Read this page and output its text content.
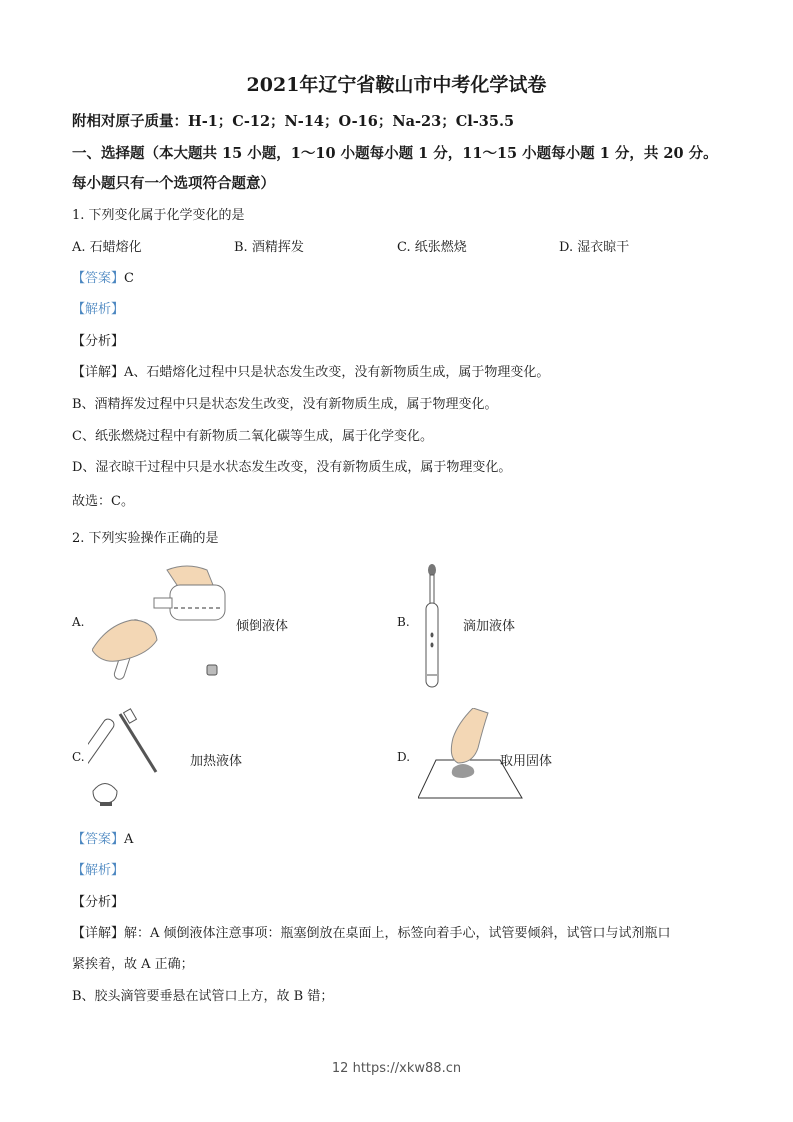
2021年辽宁省鞍山市中考化学试卷
附相对原子质量：H-1；C-12；N-14；O-16；Na-23；Cl-35.5
一、选择题（本大题共 15 小题，1～10 小题每小题 1 分，11～15 小题每小题 1 分，共 20 分。
每小题只有一个选项符合题意）
1. 下列变化属于化学变化的是
A. 石蜡熔化	B. 酒精挥发	C. 纸张燃烧	D. 湿衣晾干
【答案】C
【解析】
【分析】
【详解】A、石蜡熔化过程中只是状态发生改变，没有新物质生成，属于物理变化。
B、酒精挥发过程中只是状态发生改变，没有新物质生成，属于物理变化。
C、纸张燃烧过程中有新物质二氧化碳等生成，属于化学变化。
D、湿衣晾干过程中只是水状态发生改变，没有新物质生成，属于物理变化。
故选：C。
2. 下列实验操作正确的是
A.	倾倒液体	B.	滴加液体
C.	加热液体	D.	取用固体
【答案】A
【解析】
【分析】
【详解】解：A 倾倒液体注意事项：瓶塞倒放在桌面上，标签向着手心，试管要倾斜，试管口与试剂瓶口
紧挨着，故 A 正确；
B、胶头滴管要垂悬在试管口上方，故 B 错；
12 https://xkw88.cn
